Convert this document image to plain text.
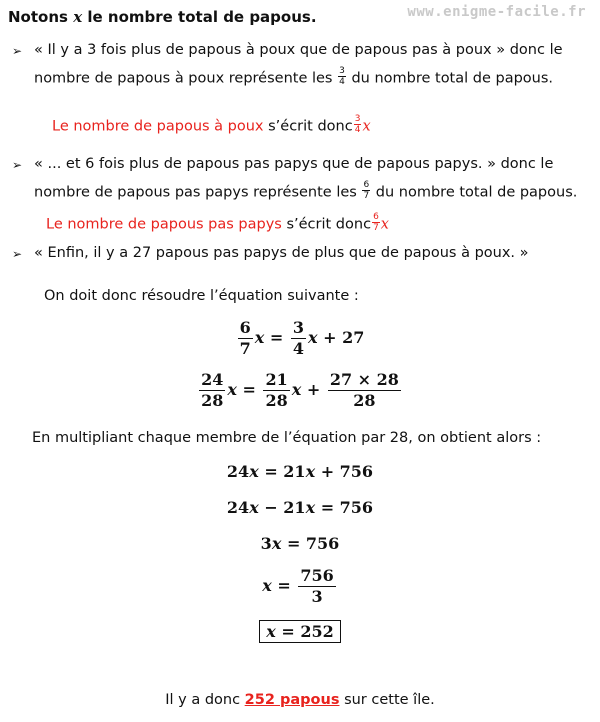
Notons x le nombre total de papous.	www.enigme-facile.fr
➢ « Il y a 3 fois plus de papous à poux que de papous pas à poux » donc le
nombre de papous à poux représente les $\frac{3}{4}$ du nombre total de papous.
Le nombre de papous à poux s’écrit donc $\frac{3}{4}$ x
➢ « ... et 6 fois plus de papous pas papys que de papous papys. » donc le
nombre de papous pas papys représente les $\frac{6}{7}$ du nombre total de papous.
Le nombre de papous pas papys s’écrit donc $\frac{6}{7}$ x
➢ « Enfin, il y a 27 papous pas papys de plus que de papous à poux. »
On doit donc résoudre l’équation suivante :
$\frac{6}{7}$ $x = \frac{3}{4}$ x + 27
$\frac{24}{28}$ $x = \frac{21}{28}$ $x + \frac{27 \times 28}{28}$
En multipliant chaque membre de l’équation par 28, on obtient alors :
24x = 21x + 756
24x − 21x = 756
3x = 756
$x = \frac{756}{3}$
x = 252
Il y a donc 252 papous sur cette île.
